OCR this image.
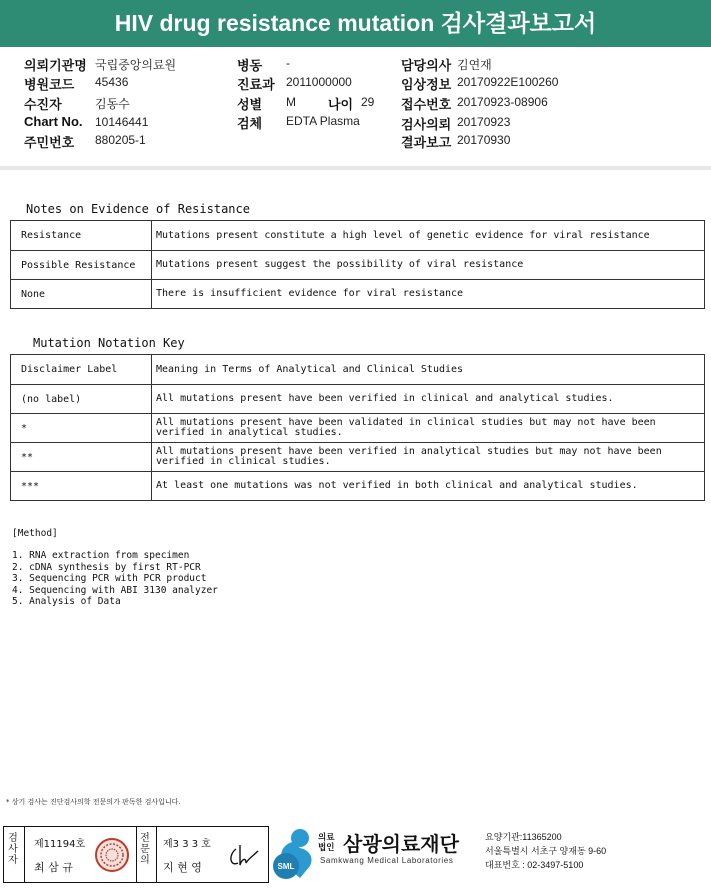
HIV drug resistance mutation 검사결과보고서
의뢰기관명 국립중앙의료원
병원코드 45436
수진자	김동수
Chart No. 10146441
주민번호 880205-1
병동 -
진료과 2011000000
성별 M 나이 29
검체 EDTA Plasma
담당의사 김연재
임상정보 20170922E100260
접수번호 20170923-08906
검사의뢰 20170923
결과보고 20170930
Notes on Evidence of Resistance
Resistance	Mutations present constitute a high level of genetic evidence for viral resistance
Possible Resistance	Mutations present suggest the possibility of viral resistance
None	There is insufficient evidence for viral resistance
Mutation Notation Key
Disclaimer Label	Meaning in Terms of Analytical and Clinical Studies
(no label)	All mutations present have been verified in clinical and analytical studies.
*	All mutations present have been validated in clinical studies but may not have been verified in analytical studies.
**	All mutations present have been verified in analytical studies but may not have been verified in clinical studies.
***	At least one mutations was not verified in both clinical and analytical studies.
[Method]
1. RNA extraction from specimen
2. cDNA synthesis by first RT-PCR
3. Sequencing PCR with PCR product
4. Sequencing with ABI 3130 analyzer
5. Analysis of Data
* 상기 검사는 진단검사의학 전문의가 판독한 검사입니다.
검사자
제11194호
최 삼 규
전문의
제3 3 3 호
지 현 영	SML
의료법인 삼광의료재단
Samkwang Medical Laboratories
요양기관:11365200
서울특별시 서초구 양재동 9-60
대표번호 : 02-3497-5100
